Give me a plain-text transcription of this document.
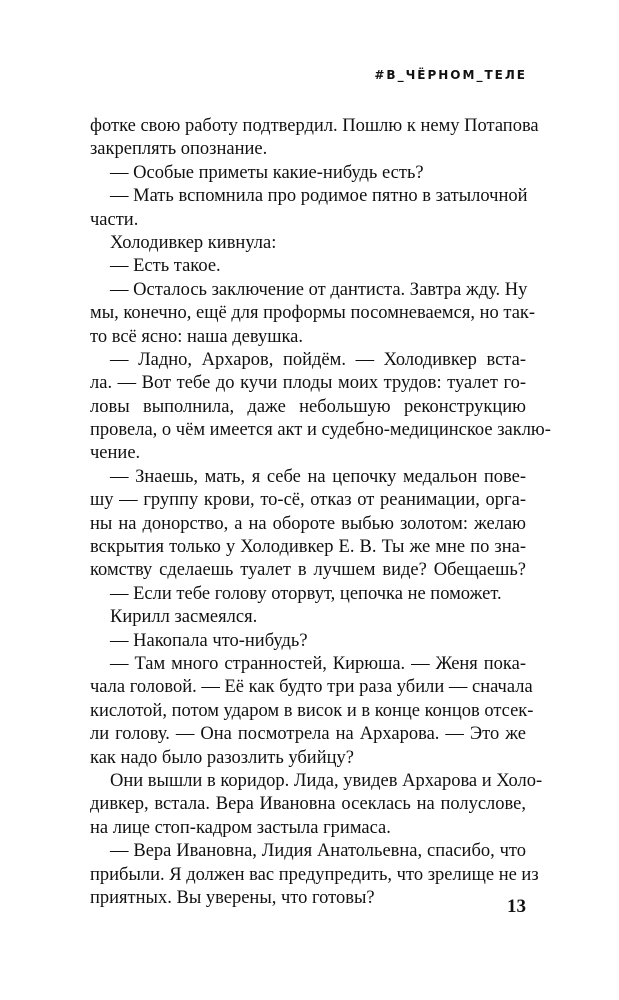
#В_ЧЁРНОМ_ТЕЛЕ
фотке свою работу подтвердил. Пошлю к нему Потапова
закреплять опознание.
— Особые приметы какие-нибудь есть?
— Мать вспомнила про родимое пятно в затылочной
части.
Холодивкер кивнула:
— Есть такое.
— Осталось заключение от дантиста. Завтра жду. Ну
мы, конечно, ещё для проформы посомневаемся, но так-
то всё ясно: наша девушка.
— Ладно, Архаров, пойдём. — Холодивкер вста-
ла. — Вот тебе до кучи плоды моих трудов: туалет го-
ловы выполнила, даже небольшую реконструкцию
провела, о чём имеется акт и судебно-медицинское заклю-
чение.
— Знаешь, мать, я себе на цепочку медальон пове-
шу — группу крови, то-сё, отказ от реанимации, орга-
ны на донорство, а на обороте выбью золотом: желаю
вскрытия только у Холодивкер Е. В. Ты же мне по зна-
комству сделаешь туалет в лучшем виде? Обещаешь?
— Если тебе голову оторвут, цепочка не поможет.
Кирилл засмеялся.
— Накопала что-нибудь?
— Там много странностей, Кирюша. — Женя пока-
чала головой. — Её как будто три раза убили — сначала
кислотой, потом ударом в висок и в конце концов отсек-
ли голову. — Она посмотрела на Архарова. — Это же
как надо было разозлить убийцу?
Они вышли в коридор. Лида, увидев Архарова и Холо-
дивкер, встала. Вера Ивановна осеклась на полуслове,
на лице стоп-кадром застыла гримаса.
— Вера Ивановна, Лидия Анатольевна, спасибо, что
прибыли. Я должен вас предупредить, что зрелище не из
приятных. Вы уверены, что готовы?	13
